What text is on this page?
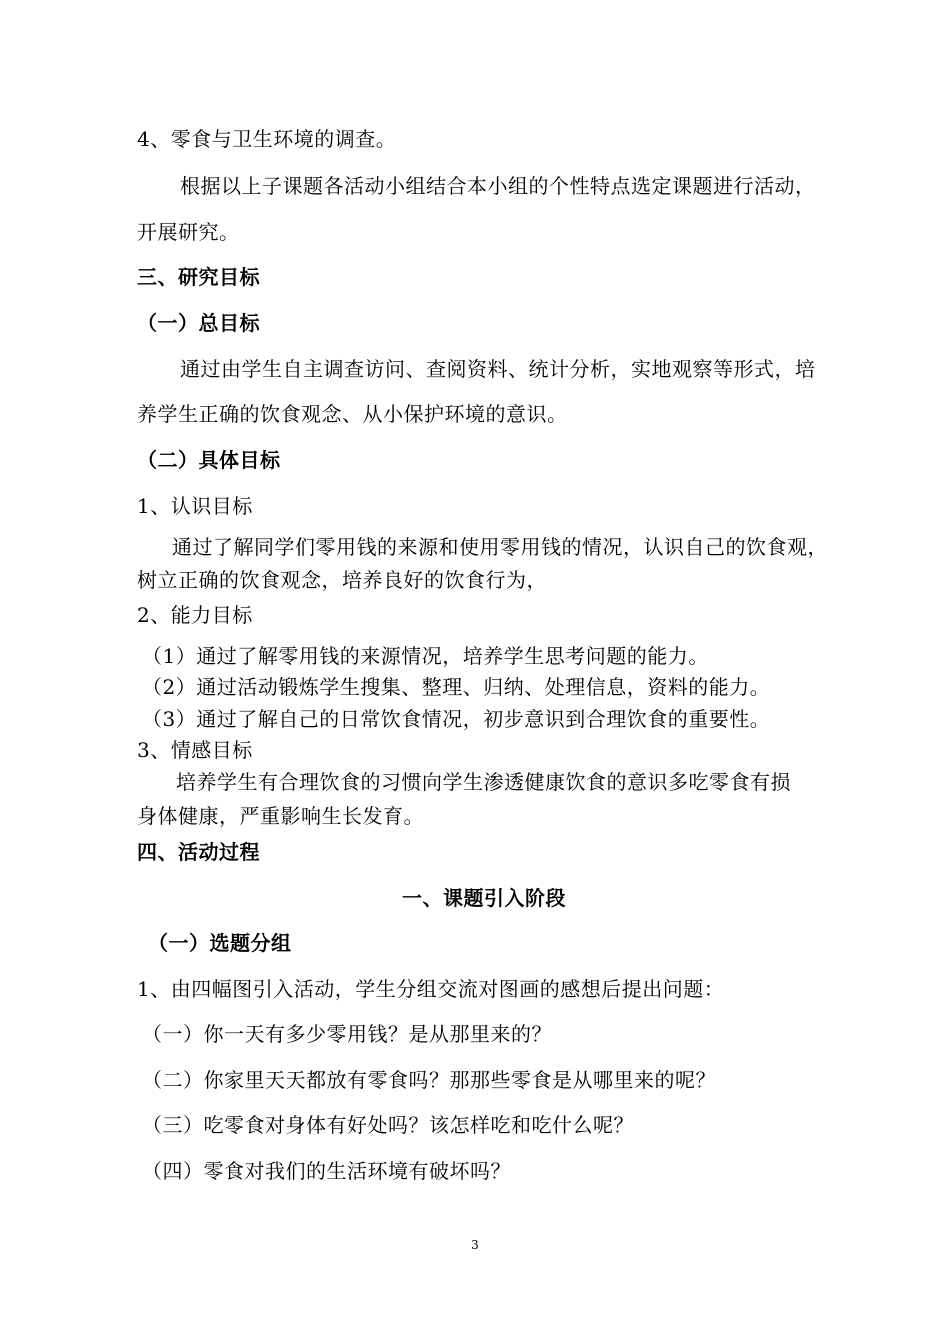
4、零食与卫生环境的调查。
根据以上子课题各活动小组结合本小组的个性特点选定课题进行活动，
开展研究。
三、研究目标
（一）总目标
通过由学生自主调查访问、查阅资料、统计分析，实地观察等形式，培
养学生正确的饮食观念、从小保护环境的意识。
（二）具体目标
1、认识目标
通过了解同学们零用钱的来源和使用零用钱的情况，认识自己的饮食观，
树立正确的饮食观念，培养良好的饮食行为，
2、能力目标
（1）通过了解零用钱的来源情况，培养学生思考问题的能力。
（2）通过活动锻炼学生搜集、整理、归纳、处理信息，资料的能力。
（3）通过了解自己的日常饮食情况，初步意识到合理饮食的重要性。
3、情感目标
培养学生有合理饮食的习惯向学生渗透健康饮食的意识多吃零食有损
身体健康，严重影响生长发育。
四、活动过程
一、课题引入阶段
（一）选题分组
1、由四幅图引入活动，学生分组交流对图画的感想后提出问题：
（一）你一天有多少零用钱？是从那里来的？
（二）你家里天天都放有零食吗？那那些零食是从哪里来的呢？
（三）吃零食对身体有好处吗？该怎样吃和吃什么呢？
（四）零食对我们的生活环境有破坏吗？
3
